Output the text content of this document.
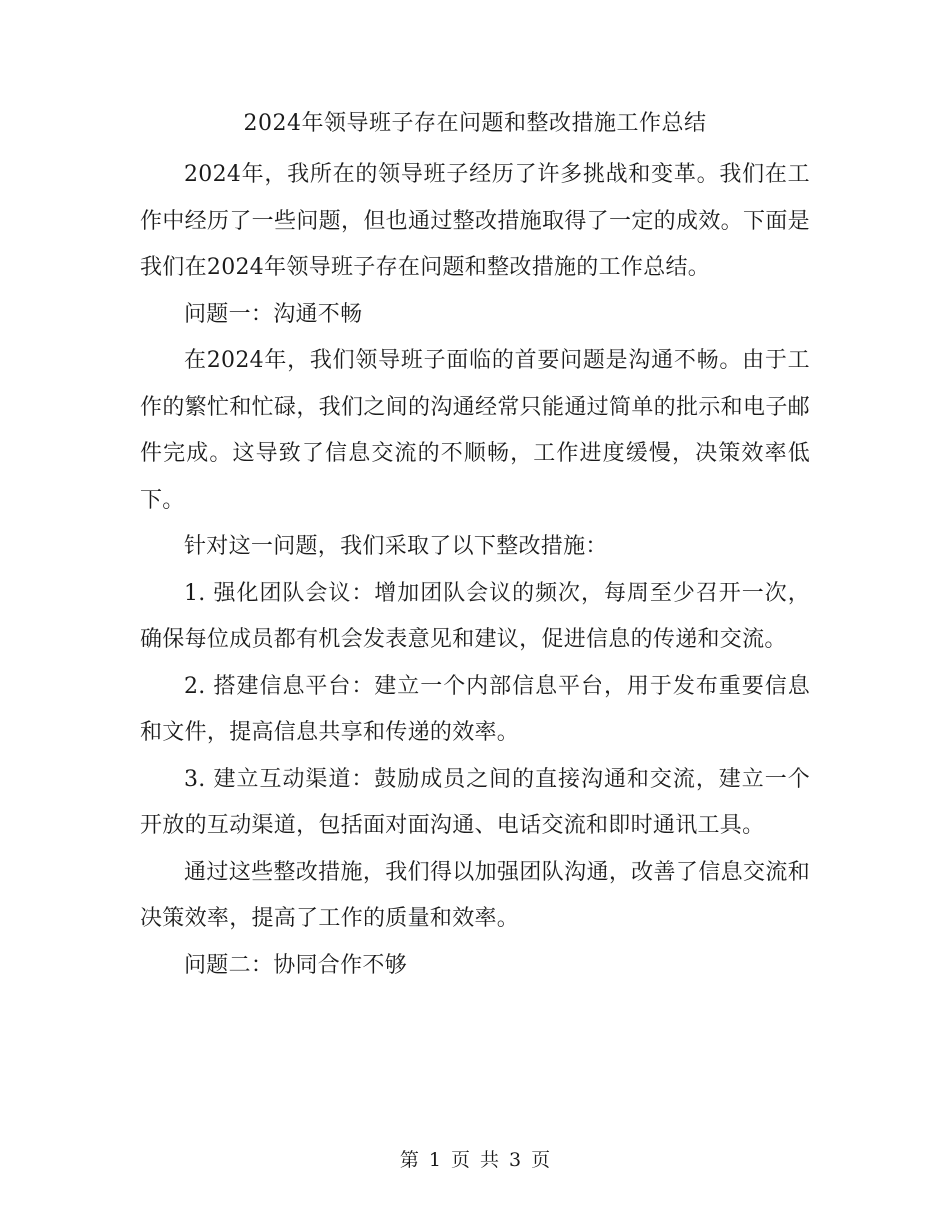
2024年领导班子存在问题和整改措施工作总结

2024年，我所在的领导班子经历了许多挑战和变革。我们在工作中经历了一些问题，但也通过整改措施取得了一定的成效。下面是我们在2024年领导班子存在问题和整改措施的工作总结。

问题一：沟通不畅

在2024年，我们领导班子面临的首要问题是沟通不畅。由于工作的繁忙和忙碌，我们之间的沟通经常只能通过简单的批示和电子邮件完成。这导致了信息交流的不顺畅，工作进度缓慢，决策效率低下。

针对这一问题，我们采取了以下整改措施：

1. 强化团队会议：增加团队会议的频次，每周至少召开一次，确保每位成员都有机会发表意见和建议，促进信息的传递和交流。

2. 搭建信息平台：建立一个内部信息平台，用于发布重要信息和文件，提高信息共享和传递的效率。

3. 建立互动渠道：鼓励成员之间的直接沟通和交流，建立一个开放的互动渠道，包括面对面沟通、电话交流和即时通讯工具。

通过这些整改措施，我们得以加强团队沟通，改善了信息交流和决策效率，提高了工作的质量和效率。

问题二：协同合作不够

第 1 页 共 3 页
